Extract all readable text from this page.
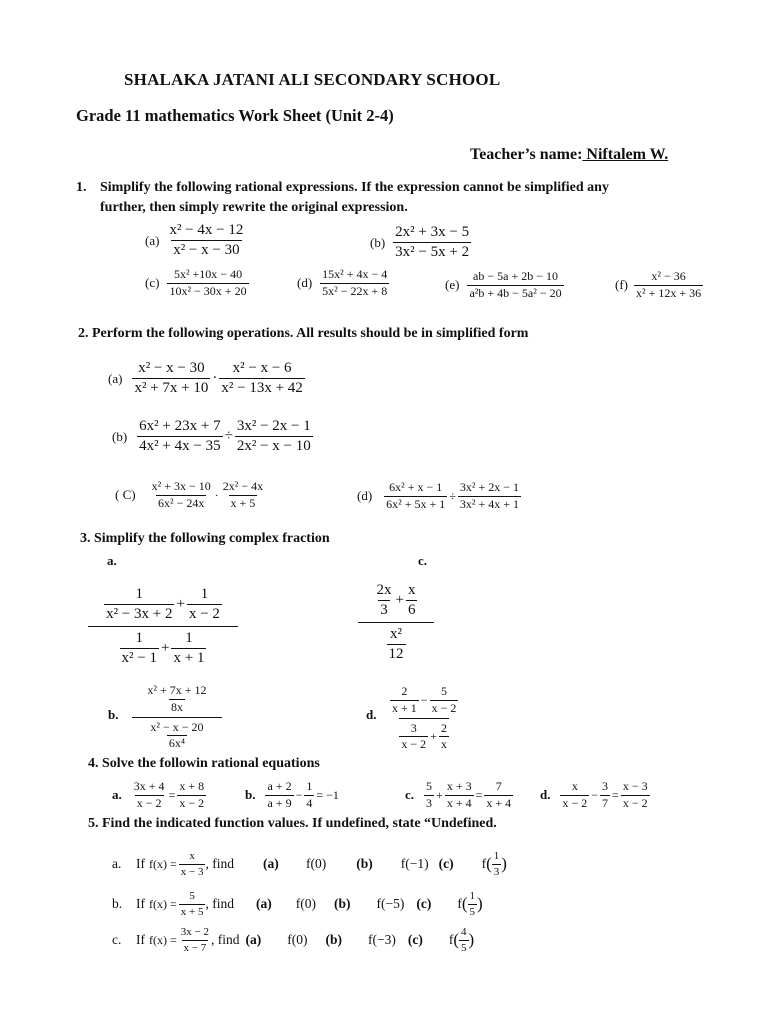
SHALAKA JATANI ALI SECONDARY SCHOOL
Grade 11 mathematics Work Sheet (Unit 2-4)
Teacher’s name: Niftalem W.
1. Simplify the following rational expressions. If the expression cannot be simplified any
further, then simply rewrite the original expression.
$(a) \frac{\text{x² − 4x − 12}}{\text{x² − x − 30}}$	$(b) \frac{\text{2x² + 3x − 5}}{\text{3x² − 5x + 2}}$
$(c) \frac{\text{5x² +10x − 40}}{\text{10x² − 30x + 20}}$	$(d) \frac{\text{15x² + 4x − 4}}{\text{5x² − 22x + 8}}$	$(e) \frac{ab - 5a + 2b - 10}{\text{a²b + 4b − 5a² − 20}}$	$(f) \frac{\text{x² − 36}}{\text{x² + 12x + 36}}$
2. Perform the following operations. All results should be in simplified form
$(a) \frac{\text{x² − x − 30}}{\text{x² + 7x + 10}} \cdot \frac{\text{x² − x − 6}}{\text{x² − 13x + 42}}$
$(b) \frac{\text{6x² + 23x + 7}}{\text{4x² + 4x − 35}} \div \frac{\text{3x² − 2x − 1}}{\text{2x² − x − 10}}$
( $C) \frac{\text{x² + 3x − 10}}{\text{6x² − 24x}} \cdot \frac{\text{2x² − 4x}}{x + 5}$	$(d) \frac{\text{6x² + x − 1}}{\text{6x² + 5x + 1}} \div \frac{\text{3x² + 2x − 1}}{\text{3x² + 4x + 1}}$
3. Simplify the following complex fraction
a.	c.
$\frac{1}{\text{x² − 3x + 2}} + \frac{1}{x - 2}$
$\frac{1}{\text{x² − 1}} + \frac{1}{x + 1}$
$\frac{2x}{3} + \frac{x}{6}$
$\frac{\text{x²}}{12}$
b. $\frac{\frac{\text{x² + 7x + 12}}{8x}}{\frac{\text{x² − x − 20}}{\text{6x⁴}}}$	d. $\frac{2}{x + 1} - \frac{5}{x - 2}$
$\frac{3}{x - 2} + \frac{2}{x}$
4. Solve the followin rational equations
a. $\frac{3x + 4}{x - 2} = \frac{x + 8}{x - 2}$	b. $\frac{a + 2}{a + 9} - \frac{1}{4} = -1$	c. $\frac{5}{3} + \frac{x + 3}{x + 4} = \frac{7}{x + 4} d$. $\frac{x}{x - 2} - \frac{3}{7} = \frac{x - 3}{x - 2}$
5. Find the indicated function values. If undefined, state “Undefined.
a.	If $f(x) = \frac{x}{x - 3}$ , find	f(0) (b) f(−1) (c) f ( $\frac{1}{3}$ )
(a)
b.	If $f(x) = \frac{5}{x + 5}$ , find (a) f(0) (b) f(−5) (c) f ( $\frac{1}{5}$ )
c.	If $f(x) = \frac{3x - 2}{x - 7}$ , find (a) f(0) (b) f(−3) (c) f ( $\frac{4}{5}$ )
